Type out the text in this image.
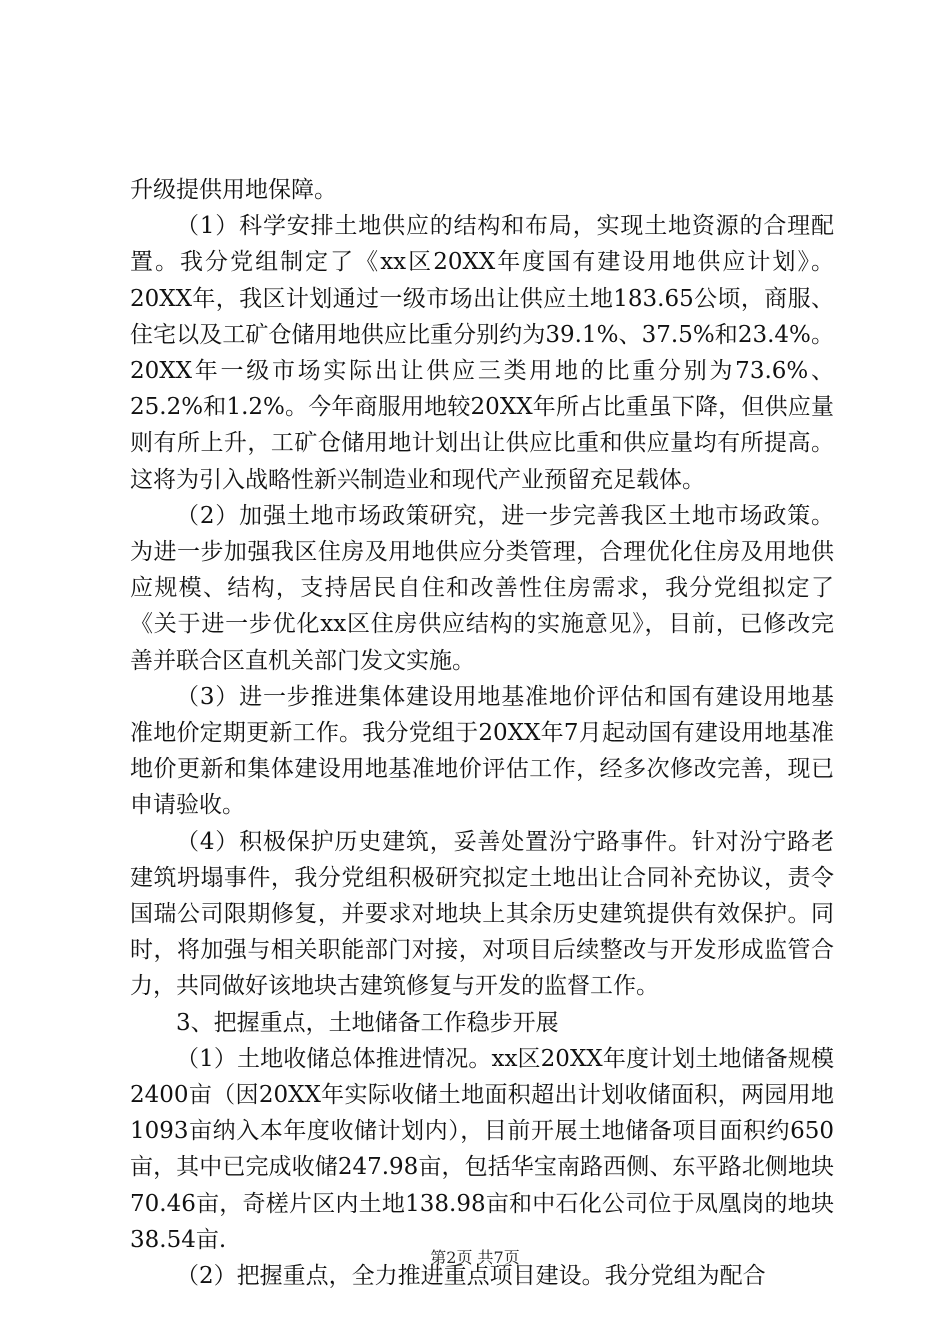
升级提供用地保障。

（1）科学安排土地供应的结构和布局，实现土地资源的合理配置。我分党组制定了《xx区20XX年度国有建设用地供应计划》。20XX年，我区计划通过一级市场出让供应土地183.65公顷，商服、住宅以及工矿仓储用地供应比重分别约为39.1%、37.5%和23.4%。20XX年一级市场实际出让供应三类用地的比重分别为73.6%、25.2%和1.2%。今年商服用地较20XX年所占比重虽下降，但供应量则有所上升，工矿仓储用地计划出让供应比重和供应量均有所提高。这将为引入战略性新兴制造业和现代产业预留充足载体。

（2）加强土地市场政策研究，进一步完善我区土地市场政策。为进一步加强我区住房及用地供应分类管理，合理优化住房及用地供应规模、结构，支持居民自住和改善性住房需求，我分党组拟定了《关于进一步优化xx区住房供应结构的实施意见》，目前，已修改完善并联合区直机关部门发文实施。

（3）进一步推进集体建设用地基准地价评估和国有建设用地基准地价定期更新工作。我分党组于20XX年7月起动国有建设用地基准地价更新和集体建设用地基准地价评估工作，经多次修改完善，现已申请验收。

（4）积极保护历史建筑，妥善处置汾宁路事件。针对汾宁路老建筑坍塌事件，我分党组积极研究拟定土地出让合同补充协议，责令国瑞公司限期修复，并要求对地块上其余历史建筑提供有效保护。同时，将加强与相关职能部门对接，对项目后续整改与开发形成监管合力，共同做好该地块古建筑修复与开发的监督工作。

3、把握重点，土地储备工作稳步开展

（1）土地收储总体推进情况。xx区20XX年度计划土地储备规模2400亩（因20XX年实际收储土地面积超出计划收储面积，两园用地1093亩纳入本年度收储计划内），目前开展土地储备项目面积约650亩，其中已完成收储247.98亩，包括华宝南路西侧、东平路北侧地块70.46亩，奇槎片区内土地138.98亩和中石化公司位于凤凰岗的地块38.54亩.

（2）把握重点，全力推进重点项目建设。我分党组为配合

第2页 共7页
